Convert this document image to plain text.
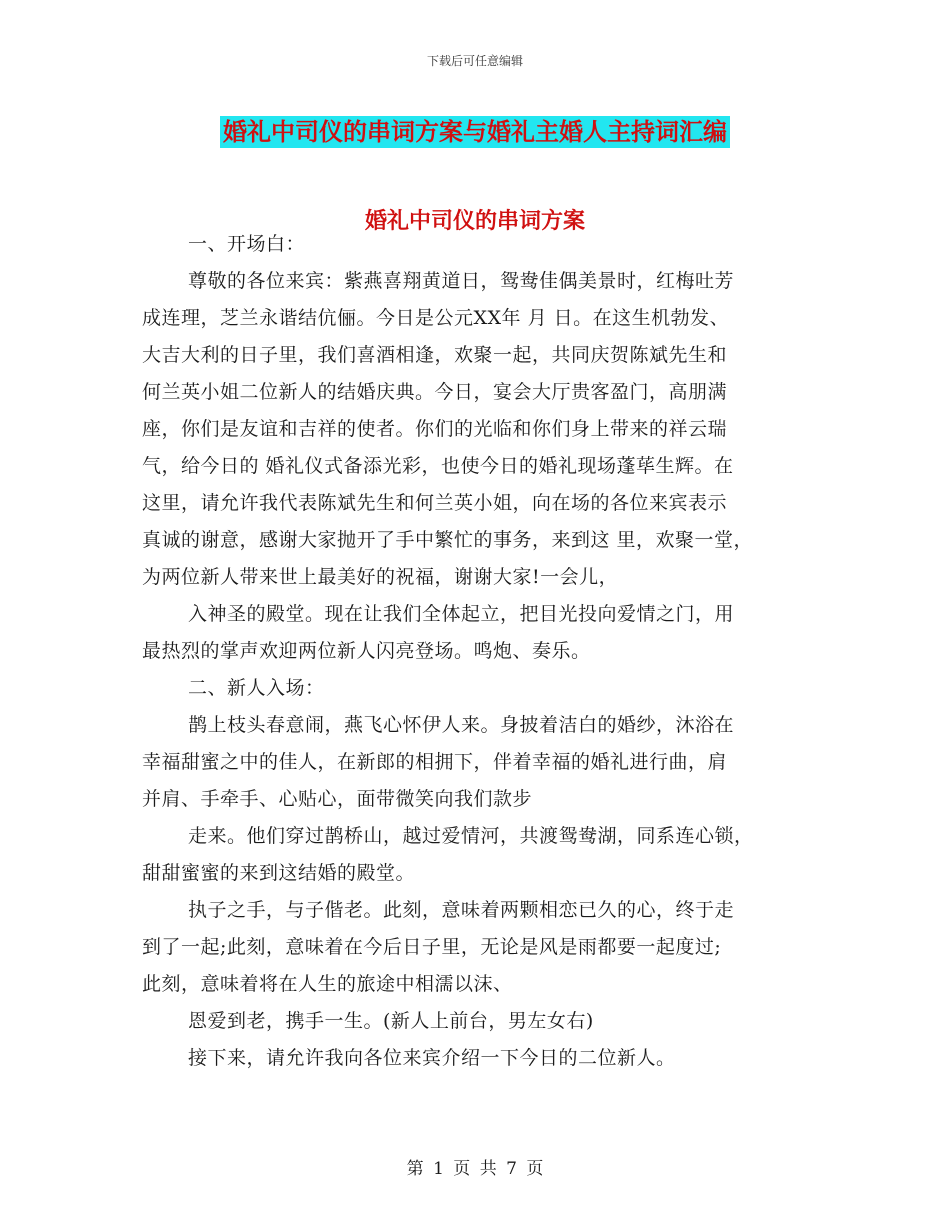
下载后可任意编辑
婚礼中司仪的串词方案与婚礼主婚人主持词汇编
婚礼中司仪的串词方案
一、开场白：
尊敬的各位来宾：紫燕喜翔黄道日，鸳鸯佳偶美景时，红梅吐芳
成连理，芝兰永谐结伉俪。今日是公元XX年 月 日。在这生机勃发、
大吉大利的日子里，我们喜酒相逢，欢聚一起，共同庆贺陈斌先生和
何兰英小姐二位新人的结婚庆典。今日，宴会大厅贵客盈门，高朋满
座，你们是友谊和吉祥的使者。你们的光临和你们身上带来的祥云瑞
气，给今日的 婚礼仪式备添光彩，也使今日的婚礼现场蓬荜生辉。在
这里，请允许我代表陈斌先生和何兰英小姐，向在场的各位来宾表示
真诚的谢意，感谢大家抛开了手中繁忙的事务，来到这 里，欢聚一堂，
为两位新人带来世上最美好的祝福，谢谢大家!一会儿，
入神圣的殿堂。现在让我们全体起立，把目光投向爱情之门，用
最热烈的掌声欢迎两位新人闪亮登场。鸣炮、奏乐。
二、新人入场：
鹊上枝头春意闹，燕飞心怀伊人来。身披着洁白的婚纱，沐浴在
幸福甜蜜之中的佳人，在新郎的相拥下，伴着幸福的婚礼进行曲，肩
并肩、手牵手、心贴心，面带微笑向我们款步
走来。他们穿过鹊桥山，越过爱情河，共渡鸳鸯湖，同系连心锁，
甜甜蜜蜜的来到这结婚的殿堂。
执子之手，与子偕老。此刻，意味着两颗相恋已久的心，终于走
到了一起;此刻，意味着在今后日子里，无论是风是雨都要一起度过;
此刻，意味着将在人生的旅途中相濡以沫、
恩爱到老，携手一生。(新人上前台，男左女右)
接下来，请允许我向各位来宾介绍一下今日的二位新人。
第 1 页 共 7 页
